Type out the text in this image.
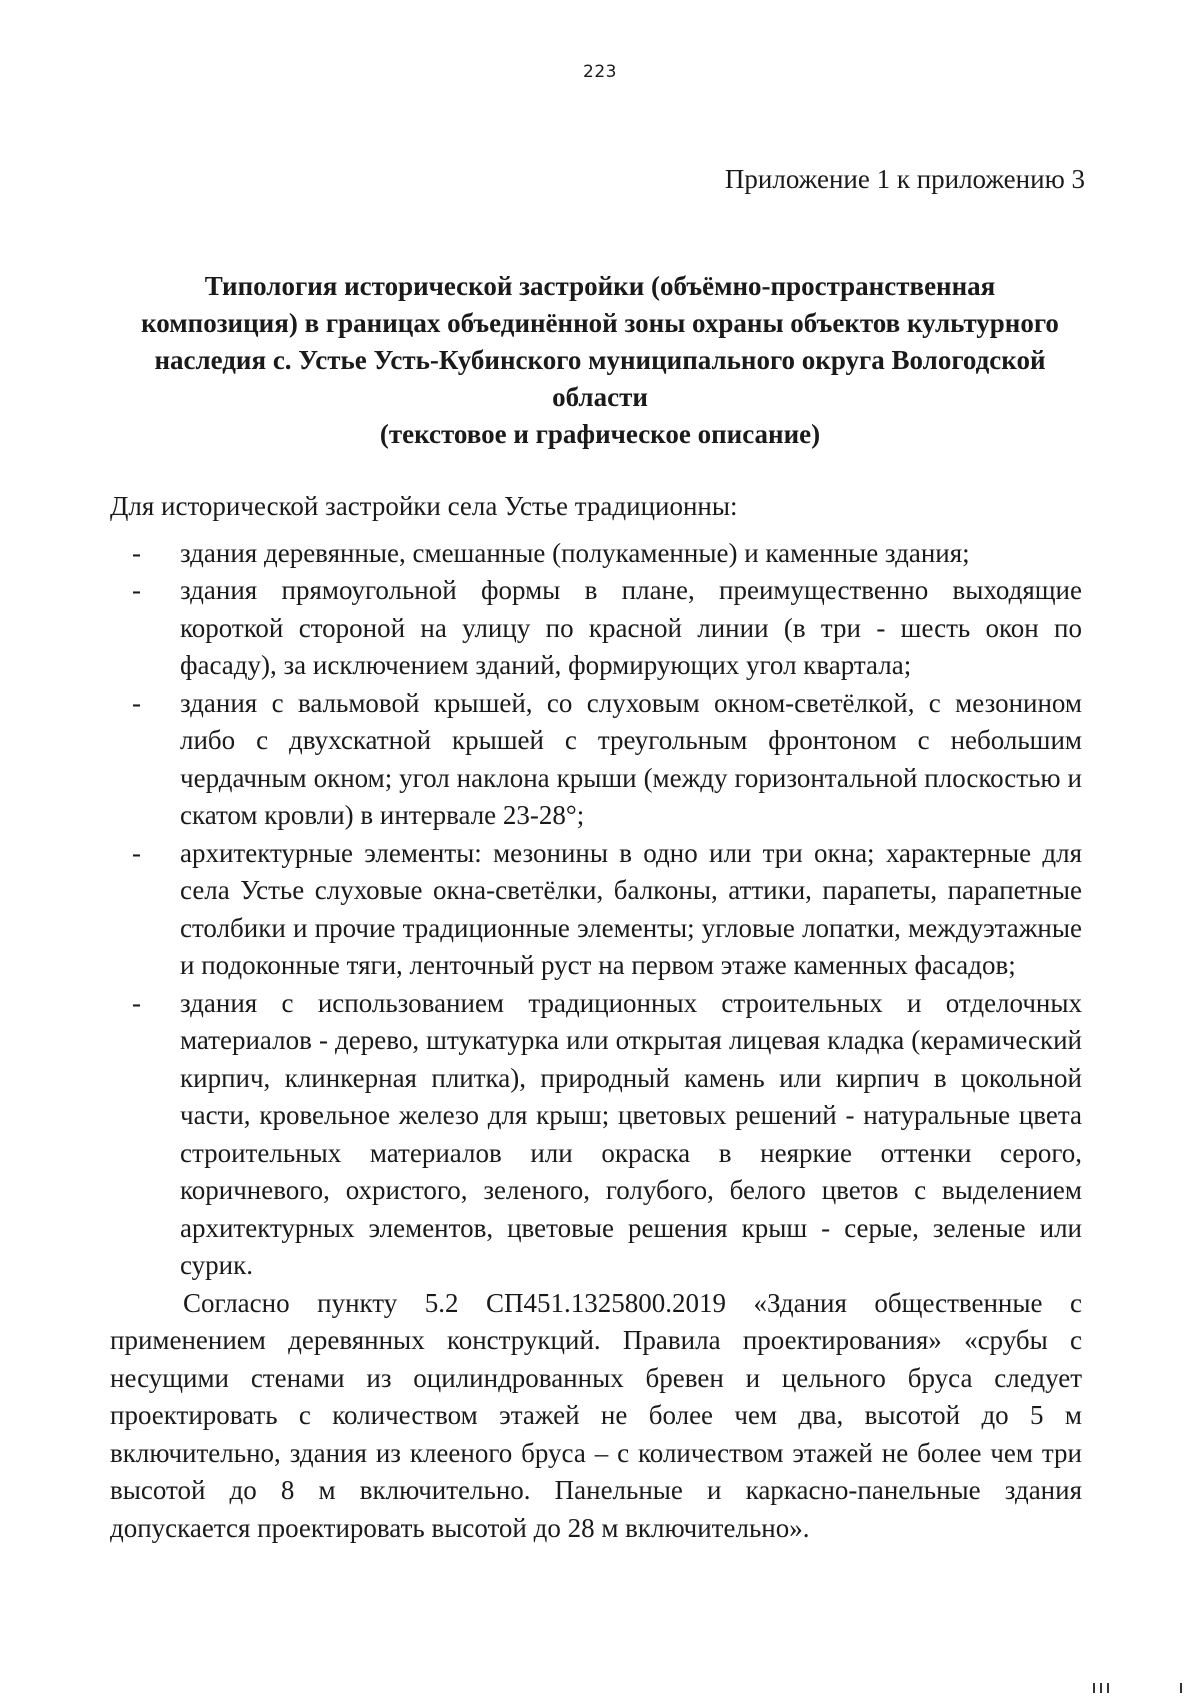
223
Приложение 1 к приложению 3
Типология исторической застройки (объёмно-пространственная
композиция) в границах объединённой зоны охраны объектов культурного
наследия с. Устье Усть-Кубинского муниципального округа Вологодской
области
(текстовое и графическое описание)

Для исторической застройки села Устье традиционны:

- здания деревянные, смешанные (полукаменные) и каменные здания;
- здания прямоугольной формы в плане, преимущественно выходящие короткой стороной на улицу по красной линии (в три - шесть окон по фасаду), за исключением зданий, формирующих угол квартала;
- здания с вальмовой крышей, со слуховым окном-светёлкой, с мезонином либо с двухскатной крышей с треугольным фронтоном с небольшим чердачным окном; угол наклона крыши (между горизонтальной плоскостью и скатом кровли) в интервале 23-28°;
- архитектурные элементы: мезонины в одно или три окна; характерные для села Устье слуховые окна-светёлки, балконы, аттики, парапеты, парапетные столбики и прочие традиционные элементы; угловые лопатки, междуэтажные и подоконные тяги, ленточный руст на первом этаже каменных фасадов;
- здания с использованием традиционных строительных и отделочных материалов - дерево, штукатурка или открытая лицевая кладка (керамический кирпич, клинкерная плитка), природный камень или кирпич в цокольной части, кровельное железо для крыш; цветовых решений - натуральные цвета строительных материалов или окраска в неяркие оттенки серого, коричневого, охристого, зеленого, голубого, белого цветов с выделением архитектурных элементов, цветовые решения крыш - серые, зеленые или сурик.

Согласно пункту 5.2 СП451.1325800.2019 «Здания общественные с применением деревянных конструкций. Правила проектирования» «срубы с несущими стенами из оцилиндрованных бревен и цельного бруса следует проектировать с количеством этажей не более чем два, высотой до 5 м включительно, здания из клееного бруса – с количеством этажей не более чем три высотой до 8 м включительно. Панельные и каркасно-панельные здания допускается проектировать высотой до 28 м включительно».
